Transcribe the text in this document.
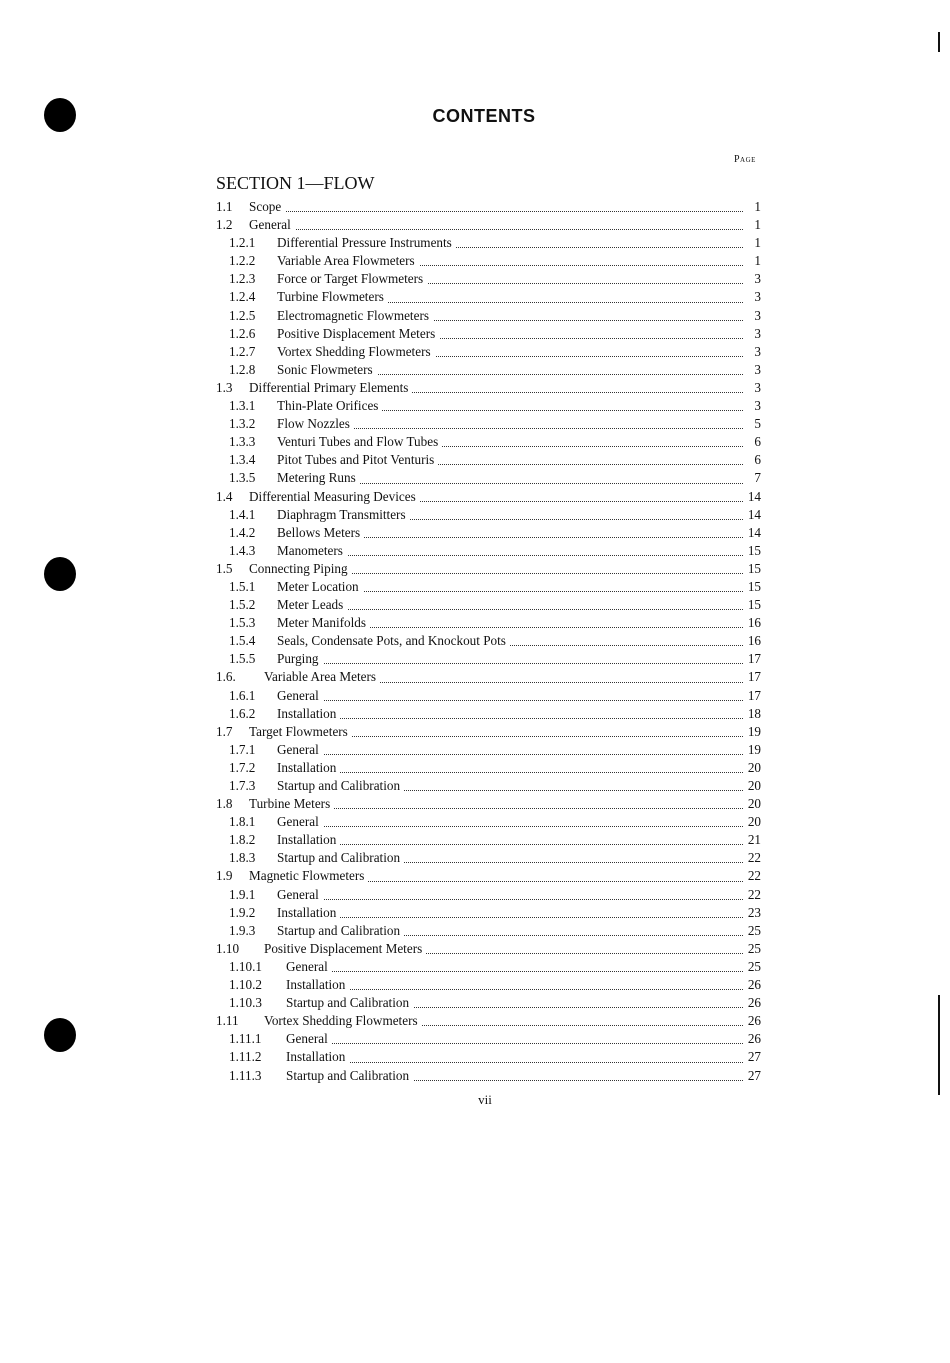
CONTENTS
Page
SECTION 1—FLOW
1.1 Scope	1
1.2 General	1
1.2.1 Differential Pressure Instruments	1
1.2.2 Variable Area Flowmeters	1
1.2.3 Force or Target Flowmeters	3
1.2.4 Turbine Flowmeters	3
1.2.5 Electromagnetic Flowmeters	3
1.2.6 Positive Displacement Meters	3
1.2.7 Vortex Shedding Flowmeters	3
1.2.8 Sonic Flowmeters	3
1.3 Differential Primary Elements	3
1.3.1 Thin-Plate Orifices	3
1.3.2 Flow Nozzles	5
1.3.3 Venturi Tubes and Flow Tubes	6
1.3.4 Pitot Tubes and Pitot Venturis	6
1.3.5 Metering Runs	7
1.4 Differential Measuring Devices	14
1.4.1 Diaphragm Transmitters	14
1.4.2 Bellows Meters	14
1.4.3 Manometers	15
1.5 Connecting Piping	15
1.5.1 Meter Location	15
1.5.2 Meter Leads	15
1.5.3 Meter Manifolds	16
1.5.4 Seals, Condensate Pots, and Knockout Pots	16
1.5.5 Purging	17
1.6. Variable Area Meters	17
1.6.1 General	17
1.6.2 Installation	18
1.7 Target Flowmeters	19
1.7.1 General	19
1.7.2 Installation	20
1.7.3 Startup and Calibration	20
1.8 Turbine Meters	20
1.8.1 General	20
1.8.2 Installation	21
1.8.3 Startup and Calibration	22
1.9 Magnetic Flowmeters	22
1.9.1 General	22
1.9.2 Installation	23
1.9.3 Startup and Calibration	25
1.10 Positive Displacement Meters	25
1.10.1 General	25
1.10.2 Installation	26
1.10.3 Startup and Calibration	26
1.11 Vortex Shedding Flowmeters	26
1.11.1 General	26
1.11.2 Installation	27
1.11.3 Startup and Calibration	27
vii
